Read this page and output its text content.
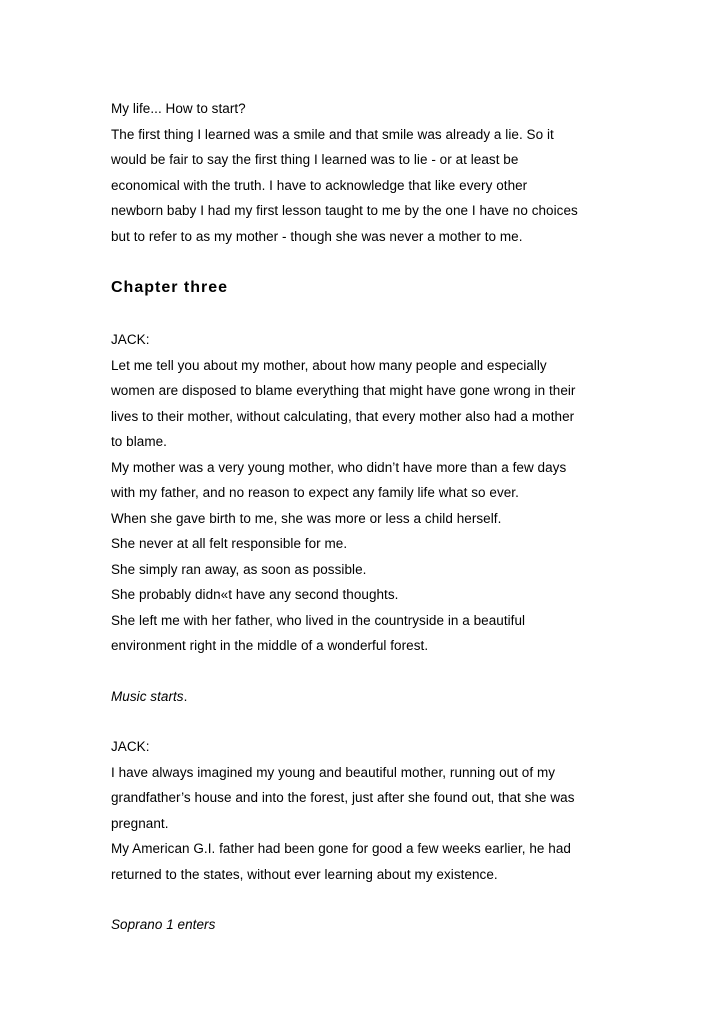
My life... How to start?
The first thing I learned was a smile and that smile was already a lie. So it
would be fair to say the first thing I learned was to lie - or at least be
economical with the truth. I have to acknowledge that like every other
newborn baby I had my first lesson taught to me by the one I have no choices
but to refer to as my mother - though she was never a mother to me.
Chapter three
JACK:
Let me tell you about my mother, about how many people and especially
women are disposed to blame everything that might have gone wrong in their
lives to their mother, without calculating, that every mother also had a mother
to blame.
My mother was a very young mother, who didn’t have more than a few days
with my father, and no reason to expect any family life what so ever.
When she gave birth to me, she was more or less a child herself.
She never at all felt responsible for me.
She simply ran away, as soon as possible.
She probably didn«t have any second thoughts.
She left me with her father, who lived in the countryside in a beautiful
environment right in the middle of a wonderful forest.
Music starts.
JACK:
I have always imagined my young and beautiful mother, running out of my
grandfather’s house and into the forest, just after she found out, that she was
pregnant.
My American G.I. father had been gone for good a few weeks earlier, he had
returned to the states, without ever learning about my existence.
Soprano 1 enters
